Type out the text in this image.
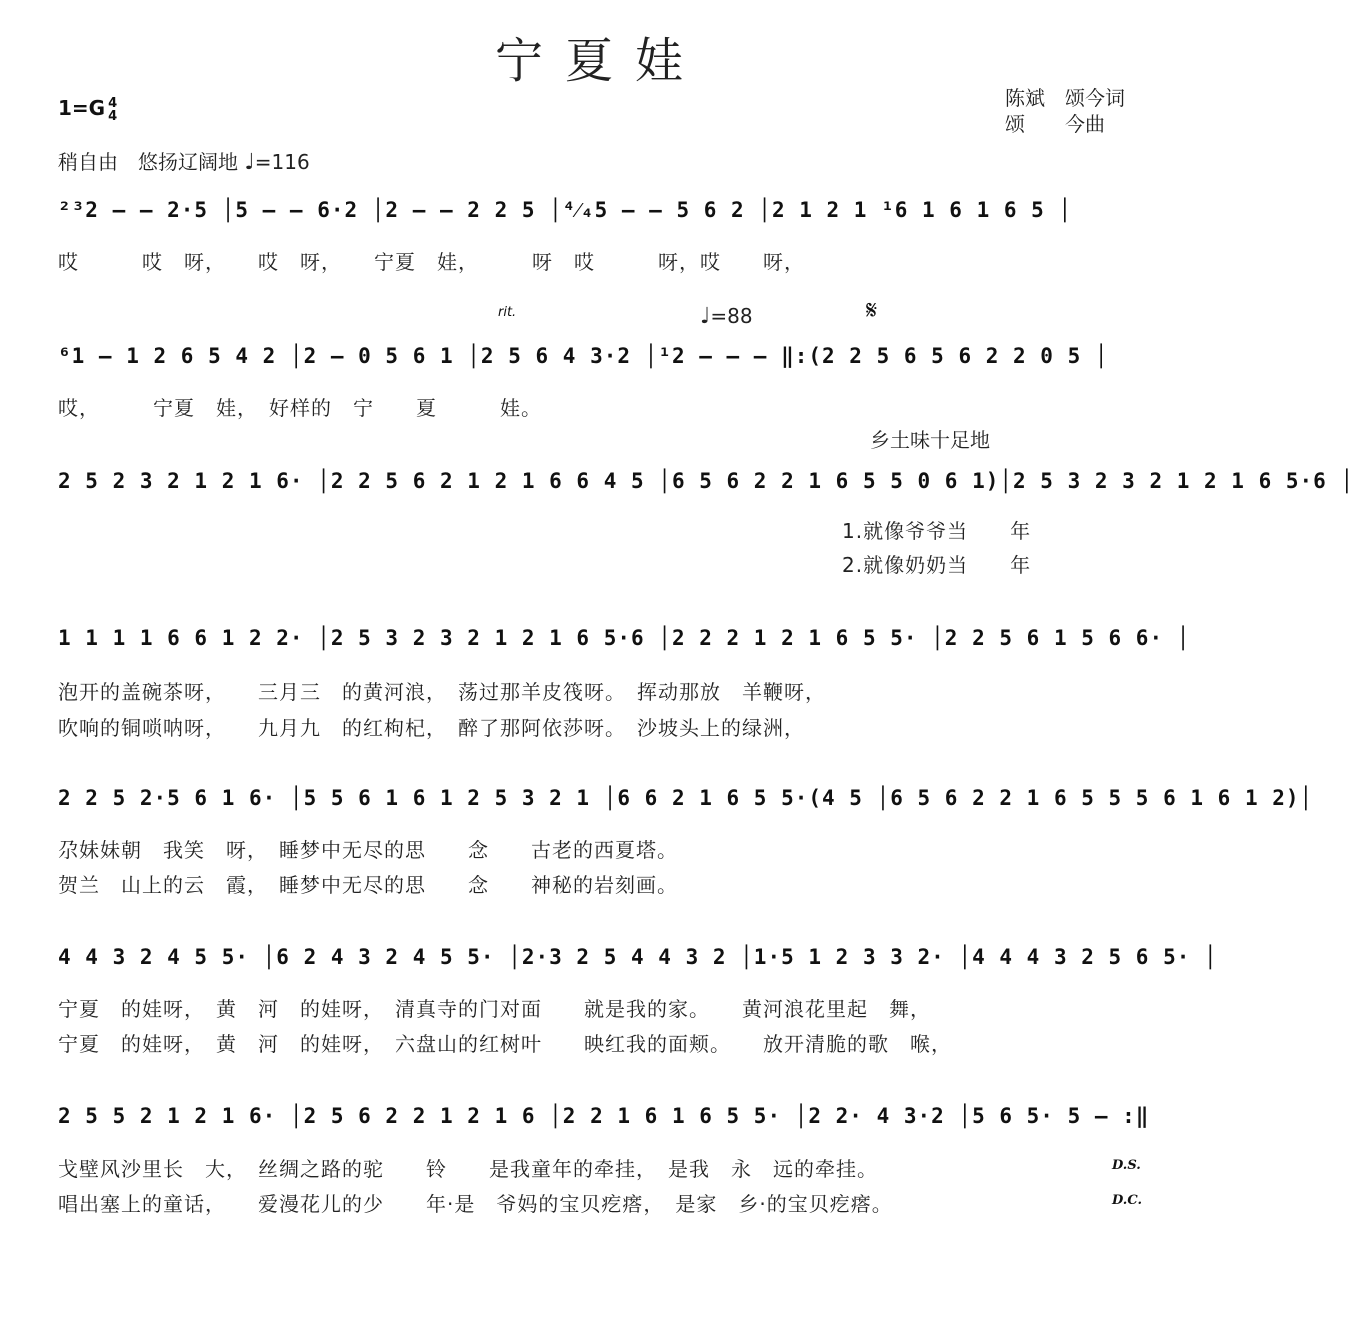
宁夏娃
陈斌　颂今词
颂　　今曲
1=G 4
4
稍自由　悠扬辽阔地 ♩=116
²³2 – – 2·5 │5 – – 6·2 │2 – – 2 2 5 │⁴⁄₄5 – – 5 6 2 │2 1 2 1 ¹6 1 6 1 6 5 │
哎　　　哎　呀，　　哎　呀，　　宁夏　娃，　　　呀　哎　　　呀，哎　　呀，
rit.	♩=88	𝄋
⁶1 – 1 2 6 5 4 2 │2 – 0 5 6 1 │2 5 6 4 3·2 │¹2 – – – ‖:(2 2 5 6 5 6 2 2 0 5 │
哎，　　　宁夏　娃，　好样的　宁　　夏　　　娃。
乡土味十足地
2 5 2 3 2 1 2 1 6· │2 2 5 6 2 1 2 1 6 6 4 5 │6 5 6 2 2 1 6 5 5 0 6 1)│2 5 3 2 3 2 1 2 1 6 5·6 │
1.就像爷爷当　　年
2.就像奶奶当　　年
1 1 1 1 6 6 1 2 2· │2 5 3 2 3 2 1 2 1 6 5·6 │2 2 2 1 2 1 6 5 5· │2 2 5 6 1 5 6 6· │
泡开的盖碗茶呀，　　三月三　的黄河浪，　荡过那羊皮筏呀。　挥动那放　羊鞭呀，
吹响的铜唢呐呀，　　九月九　的红枸杞，　醉了那阿依莎呀。　沙坡头上的绿洲，
2 2 5 2·5 6 1 6· │5 5 6 1 6 1 2 5 3 2 1 │6 6 2 1 6 5 5·(4 5 │6 5 6 2 2 1 6 5 5 5 6 1 6 1 2)│
尕妹妹朝　我笑　呀，　睡梦中无尽的思　　念　　古老的西夏塔。
贺兰　山上的云　霞，　睡梦中无尽的思　　念　　神秘的岩刻画。
4 4 3 2 4 5 5· │6 2 4 3 2 4 5 5· │2·3 2 5 4 4 3 2 │1·5 1 2 3 3 2· │4 4 4 3 2 5 6 5· │
宁夏　的娃呀，　黄　河　的娃呀，　清真寺的门对面　　就是我的家。　　黄河浪花里起　舞，
宁夏　的娃呀，　黄　河　的娃呀，　六盘山的红树叶　　映红我的面颊。　　放开清脆的歌　喉，
2 5 5 2 1 2 1 6· │2 5 6 2 2 1 2 1 6 │2 2 1 6 1 6 5 5· │2 2· 4 3·2 │5 6 5· 5 – :‖
戈壁风沙里长　大，　丝绸之路的驼　　铃　　是我童年的牵挂，　是我　永　远的牵挂。
唱出塞上的童话，　　爱漫花儿的少　　年·是　爷妈的宝贝疙瘩，　是家　乡·的宝贝疙瘩。
D.S.
D.C.
